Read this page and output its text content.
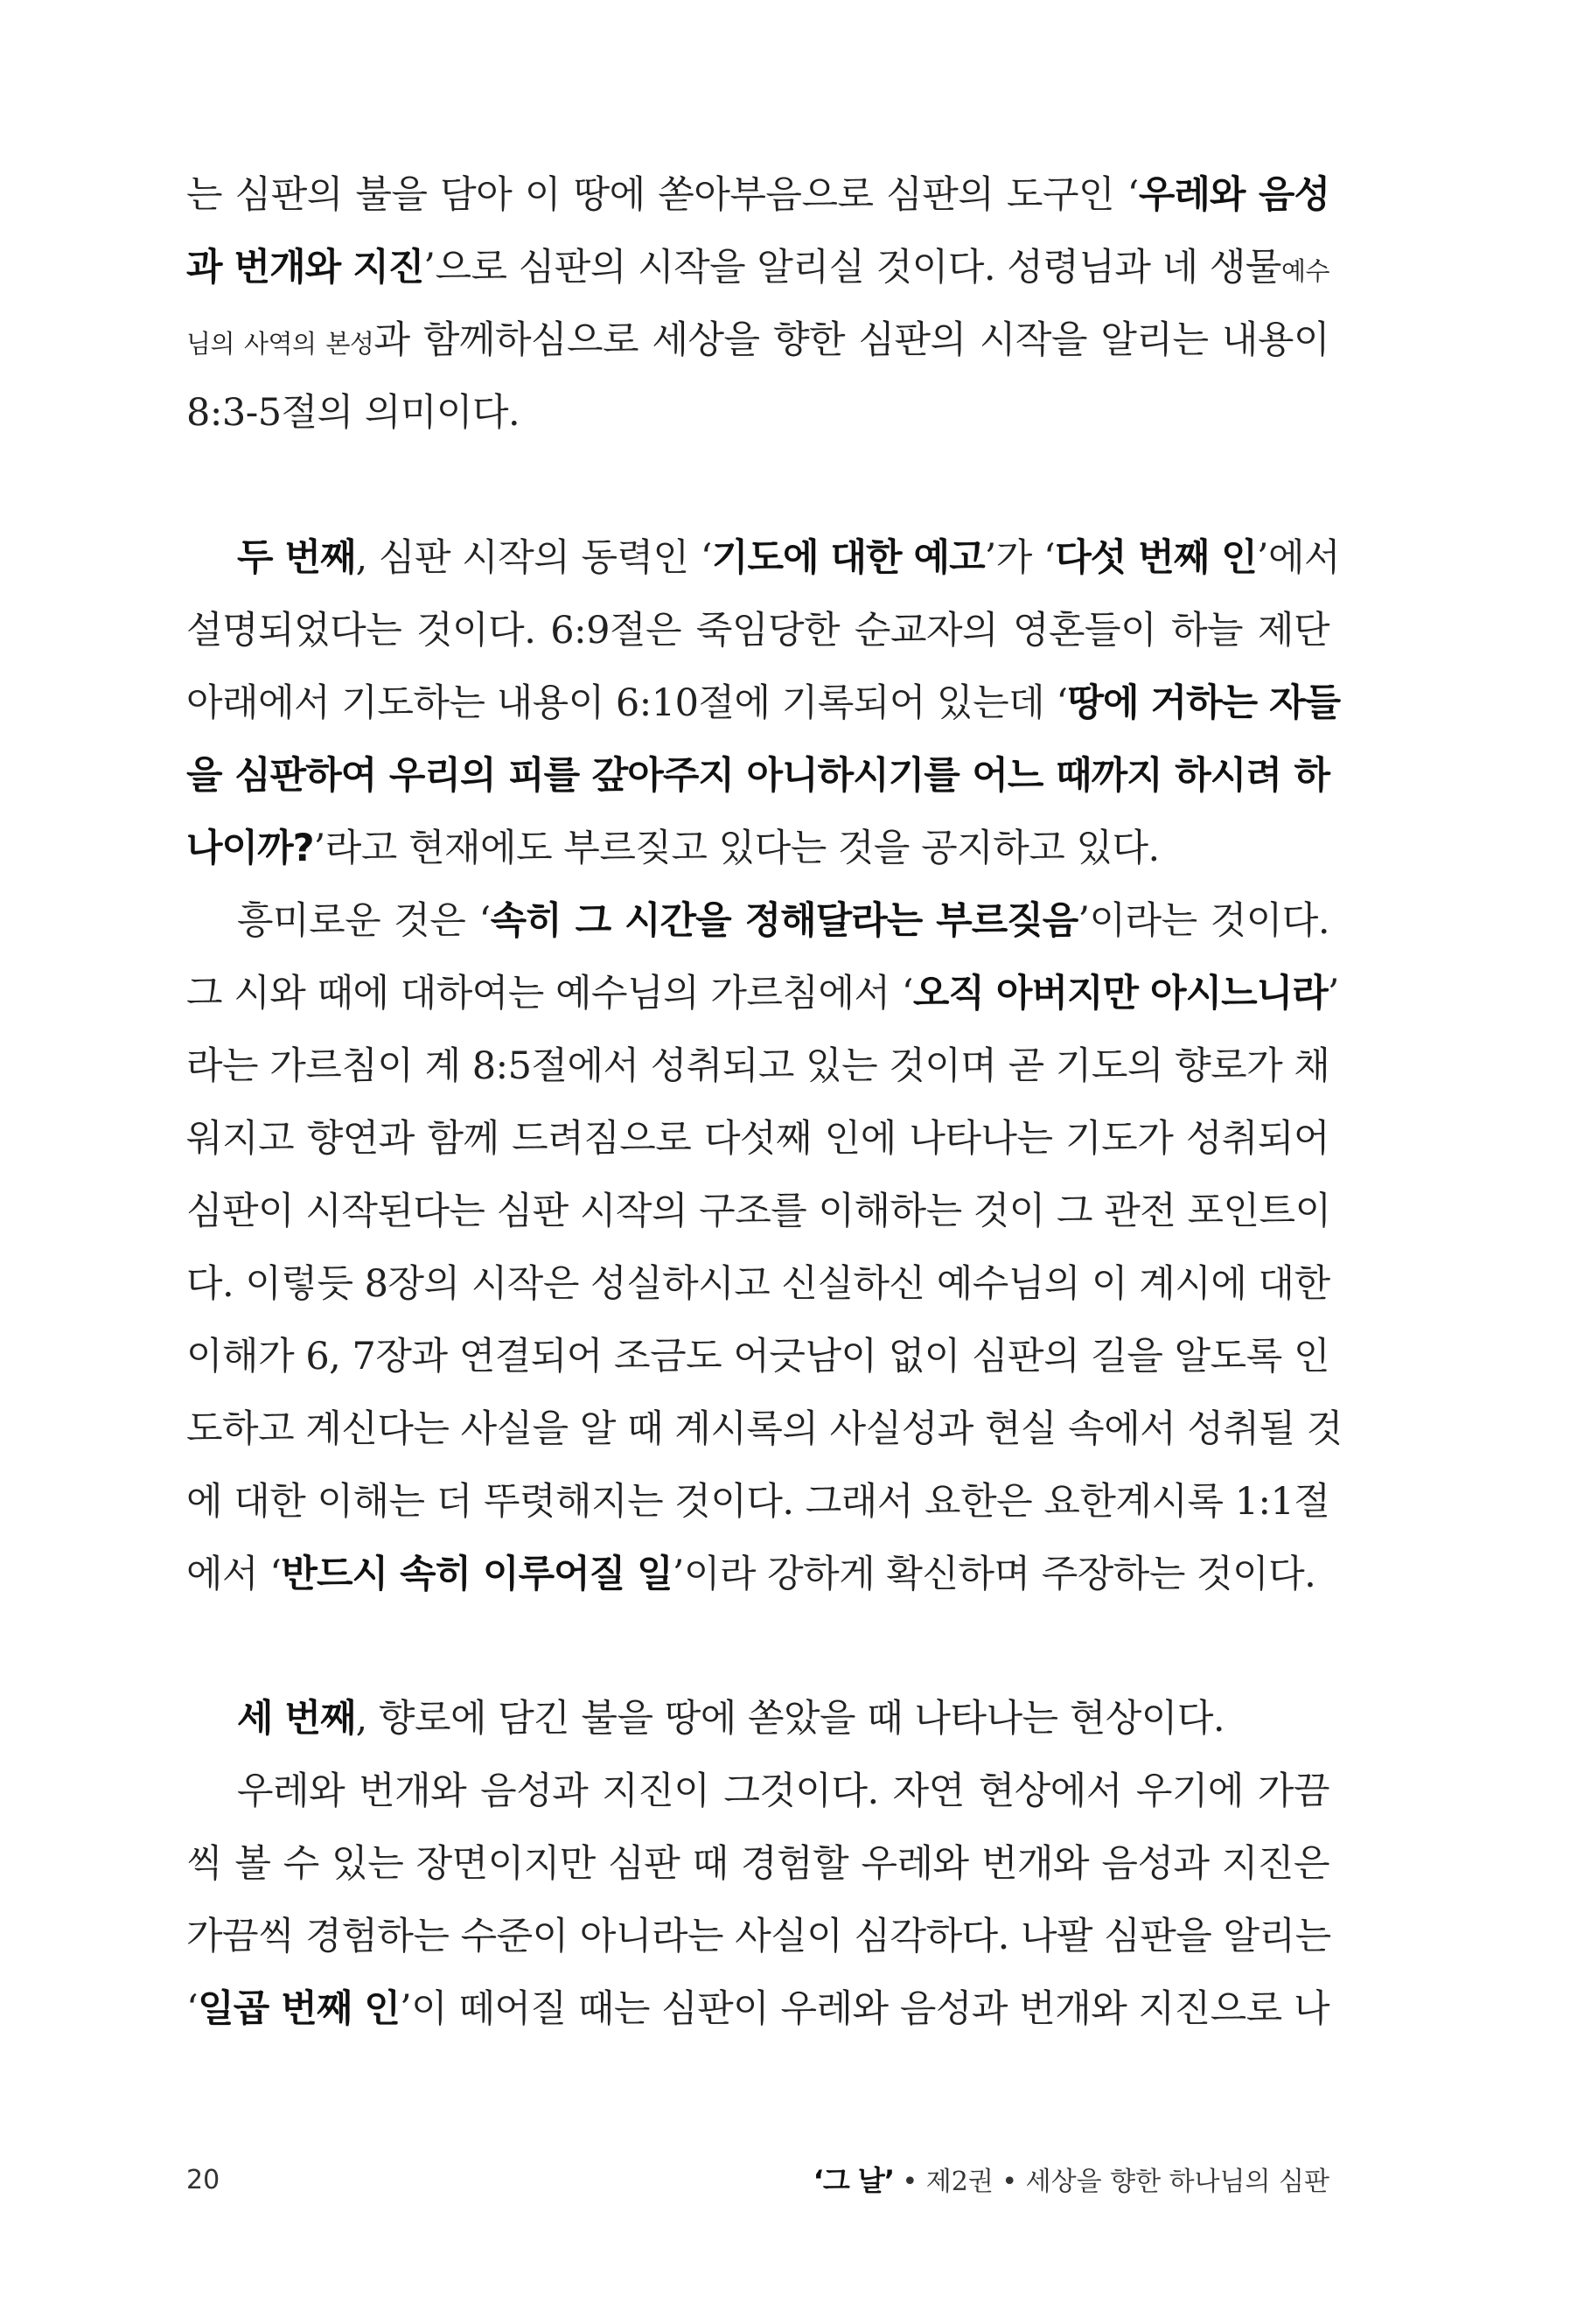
는 심판의 불을 담아 이 땅에 쏟아부음으로 심판의 도구인 ‘우레와 음성
과 번개와 지진’으로 심판의 시작을 알리실 것이다. 성령님과 네 생물예수
님의 사역의 본성과 함께하심으로 세상을 향한 심판의 시작을 알리는 내용이
8:3-5절의 의미이다.
두 번째, 심판 시작의 동력인 ‘기도에 대한 예고’가 ‘다섯 번째 인’에서
설명되었다는 것이다. 6:9절은 죽임당한 순교자의 영혼들이 하늘 제단
아래에서 기도하는 내용이 6:10절에 기록되어 있는데 ‘땅에 거하는 자들
을 심판하여 우리의 피를 갚아주지 아니하시기를 어느 때까지 하시려 하
나이까?’라고 현재에도 부르짖고 있다는 것을 공지하고 있다.
흥미로운 것은 ‘속히 그 시간을 정해달라는 부르짖음’이라는 것이다.
그 시와 때에 대하여는 예수님의 가르침에서 ‘오직 아버지만 아시느니라’
라는 가르침이 계 8:5절에서 성취되고 있는 것이며 곧 기도의 향로가 채
워지고 향연과 함께 드려짐으로 다섯째 인에 나타나는 기도가 성취되어
심판이 시작된다는 심판 시작의 구조를 이해하는 것이 그 관전 포인트이
다. 이렇듯 8장의 시작은 성실하시고 신실하신 예수님의 이 계시에 대한
이해가 6, 7장과 연결되어 조금도 어긋남이 없이 심판의 길을 알도록 인
도하고 계신다는 사실을 알 때 계시록의 사실성과 현실 속에서 성취될 것
에 대한 이해는 더 뚜렷해지는 것이다. 그래서 요한은 요한계시록 1:1절
에서 ‘반드시 속히 이루어질 일’이라 강하게 확신하며 주장하는 것이다.
세 번째, 향로에 담긴 불을 땅에 쏟았을 때 나타나는 현상이다.
우레와 번개와 음성과 지진이 그것이다. 자연 현상에서 우기에 가끔
씩 볼 수 있는 장면이지만 심판 때 경험할 우레와 번개와 음성과 지진은
가끔씩 경험하는 수준이 아니라는 사실이 심각하다. 나팔 심판을 알리는
‘일곱 번째 인’이 떼어질 때는 심판이 우레와 음성과 번개와 지진으로 나
20	‘그 날’ • 제2권 • 세상을 향한 하나님의 심판
